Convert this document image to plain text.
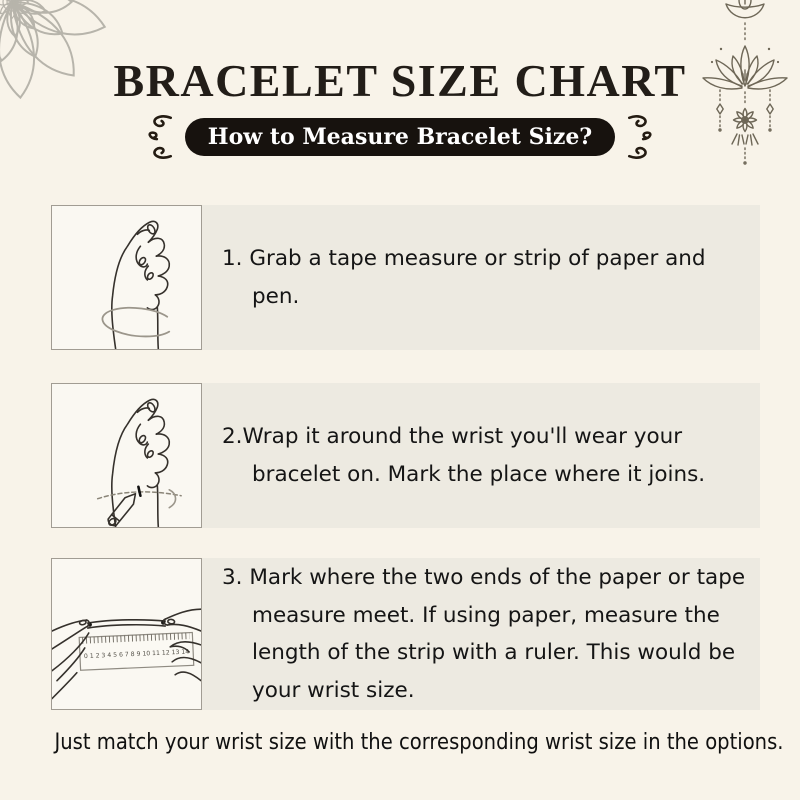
BRACELET SIZE CHART
How to Measure Bracelet Size?
1. Grab a tape measure or strip of paper and pen.
2.Wrap it around the wrist you'll wear your bracelet on. Mark the place where it joins.
0 1 2 3 4 5 6 7 8 9 10 11 12 13 14
3. Mark where the two ends of the paper or tape measure meet. If using paper, measure the length of the strip with a ruler. This would be your wrist size.
Just match your wrist size with the corresponding wrist size in the options.
